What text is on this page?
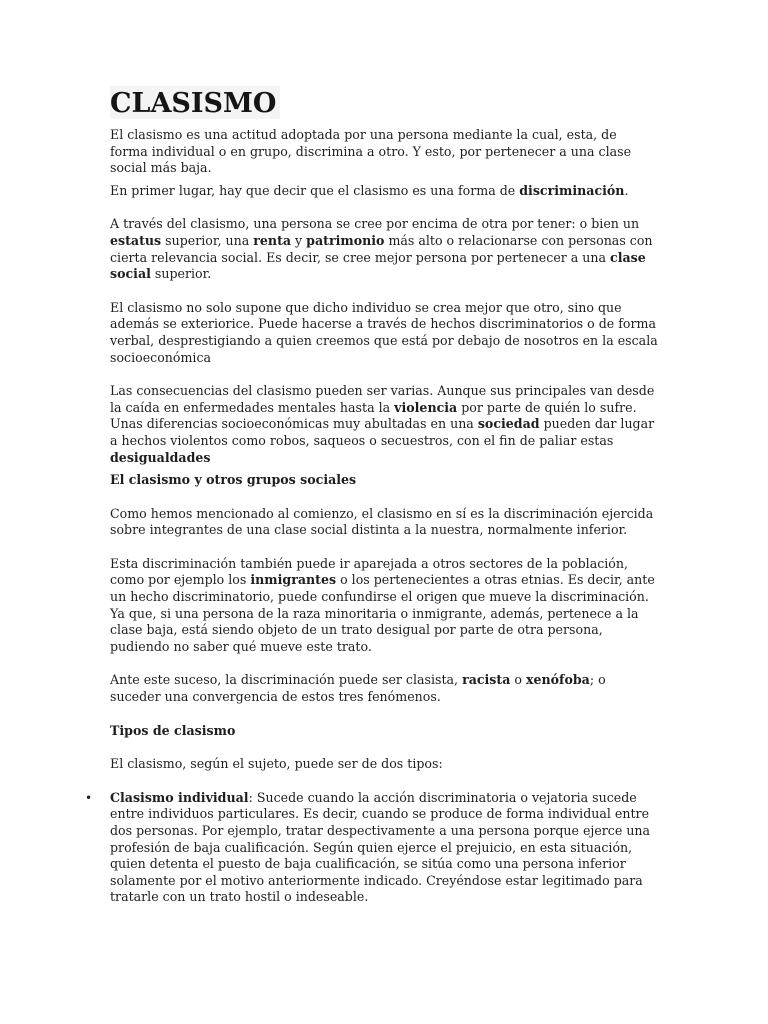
CLASISMO

El clasismo es una actitud adoptada por una persona mediante la cual, esta, de forma individual o en grupo, discrimina a otro. Y esto, por pertenecer a una clase social más baja.

En primer lugar, hay que decir que el clasismo es una forma de discriminación.

A través del clasismo, una persona se cree por encima de otra por tener: o bien un estatus superior, una renta y patrimonio más alto o relacionarse con personas con cierta relevancia social. Es decir, se cree mejor persona por pertenecer a una clase social superior.

El clasismo no solo supone que dicho individuo se crea mejor que otro, sino que además se exteriorice. Puede hacerse a través de hechos discriminatorios o de forma verbal, desprestigiando a quien creemos que está por debajo de nosotros en la escala socioeconómica

Las consecuencias del clasismo pueden ser varias. Aunque sus principales van desde la caída en enfermedades mentales hasta la violencia por parte de quién lo sufre. Unas diferencias socioeconómicas muy abultadas en una sociedad pueden dar lugar a hechos violentos como robos, saqueos o secuestros, con el fin de paliar estas desigualdades

El clasismo y otros grupos sociales

Como hemos mencionado al comienzo, el clasismo en sí es la discriminación ejercida sobre integrantes de una clase social distinta a la nuestra, normalmente inferior.

Esta discriminación también puede ir aparejada a otros sectores de la población, como por ejemplo los inmigrantes o los pertenecientes a otras etnias. Es decir, ante un hecho discriminatorio, puede confundirse el origen que mueve la discriminación. Ya que, si una persona de la raza minoritaria o inmigrante, además, pertenece a la clase baja, está siendo objeto de un trato desigual por parte de otra persona, pudiendo no saber qué mueve este trato.

Ante este suceso, la discriminación puede ser clasista, racista o xenófoba; o suceder una convergencia de estos tres fenómenos.

Tipos de clasismo

El clasismo, según el sujeto, puede ser de dos tipos:

• Clasismo individual: Sucede cuando la acción discriminatoria o vejatoria sucede entre individuos particulares. Es decir, cuando se produce de forma individual entre dos personas. Por ejemplo, tratar despectivamente a una persona porque ejerce una profesión de baja cualificación. Según quien ejerce el prejuicio, en esta situación, quien detenta el puesto de baja cualificación, se sitúa como una persona inferior solamente por el motivo anteriormente indicado. Creyéndose estar legitimado para tratarle con un trato hostil o indeseable.
